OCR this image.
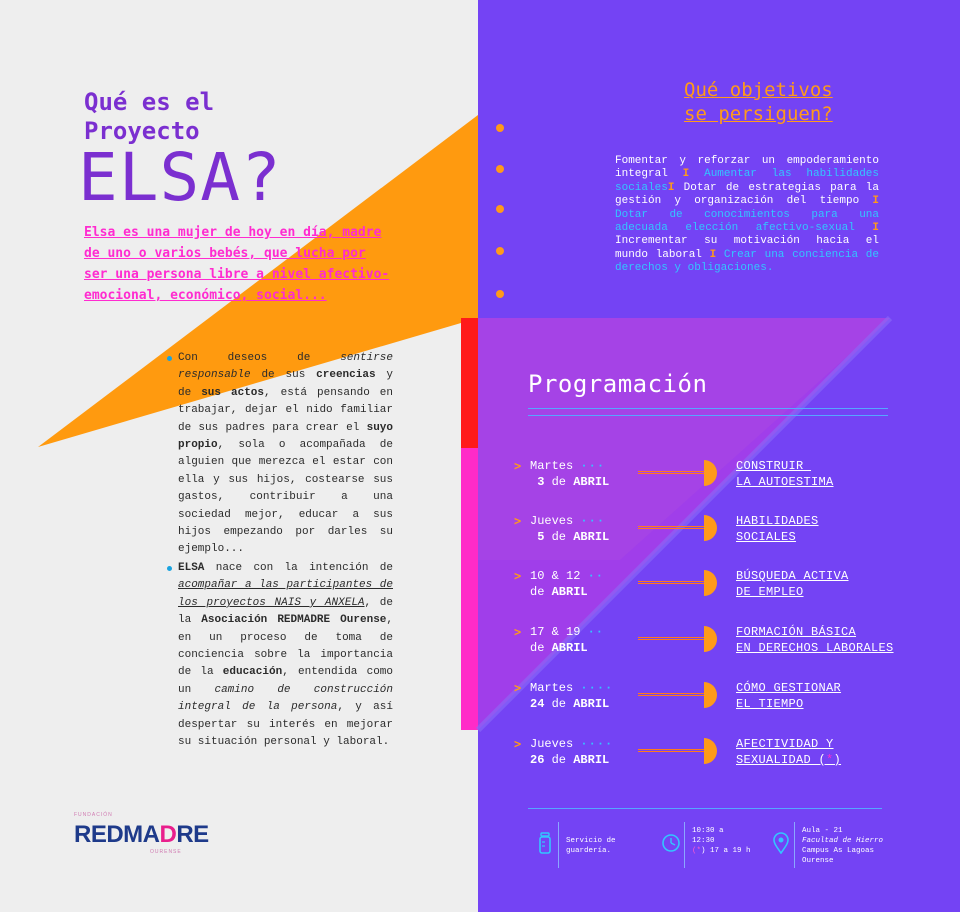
Qué es el
Proyecto
ELSA?
Elsa es una mujer de hoy en día, madre de uno o varios bebés, que lucha por ser una persona libre a nivel afectivo-emocional, económico, social...
Con deseos de sentirse responsable de sus creencias y de sus actos, está pensando en trabajar, dejar el nido familiar de sus padres para crear el suyo propio, sola o acompañada de alguien que merezca el estar con ella y sus hijos, costearse sus gastos, contribuir a una sociedad mejor, educar a sus hijos empezando por darles su ejemplo...
ELSA nace con la intención de acompañar a las participantes de los proyectos NAIS y ANXELA, de la Asociación REDMADRE Ourense, en un proceso de toma de conciencia sobre la importancia de la educación, entendida como un camino de construcción integral de la persona, y así despertar su interés en mejorar su situación personal y laboral.
FUNDACIÓN
REDMADRE
OURENSE
Qué objetivos
se persiguen?
Fomentar y reforzar un empoderamiento integral I Aumentar las habilidades socialesI Dotar de estrategias para la gestión y organización del tiempo I Dotar de conocimientos para una adecuada elección afectivo-sexual I Incrementar su motivación hacia el mundo laboral I Crear una conciencia de derechos y obligaciones.
Programación
> Martes ···
3 de ABRIL
CONSTRUIR
LA AUTOESTIMA
> Jueves ···
5 de ABRIL
HABILIDADES
SOCIALES
> 10 & 12 ··
de ABRIL
BÚSQUEDA ACTIVA
DE EMPLEO
> 17 & 19 ··
de ABRIL
FORMACIÓN BÁSICA
EN DERECHOS LABORALES
> Martes ····
24 de ABRIL
CÓMO GESTIONAR
EL TIEMPO
> Jueves ····
26 de ABRIL
AFECTIVIDAD Y
SEXUALIDAD (*)
Servicio de
guardería.
10:30 a
12:30
(*) 17 a 19 h
Aula - 21
Facultad de Hierro
Campus As Lagoas
Ourense
